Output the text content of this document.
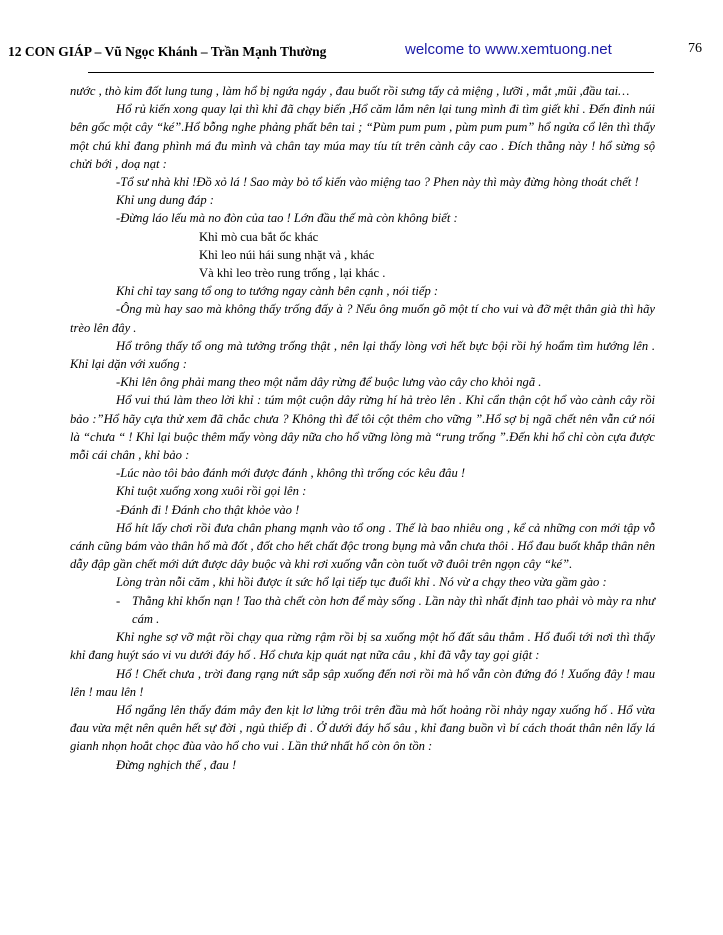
12 CON GIÁP – Vũ Ngọc Khánh – Trần Mạnh Thường	welcome to www.xemtuong.net	76

nước , thò kim đốt lung tung , làm hổ bị ngứa ngáy , đau buốt rồi sưng tấy cả miệng , lưỡi , mắt ,mũi ,đầu tai…

Hổ rủ kiến xong quay lại thì khỉ đã chạy biến ,Hổ căm lắm nên lại tung mình đi tìm giết khỉ . Đến đỉnh núi bên gốc một cây “ké”.Hổ bỗng nghe phảng phất bên tai ; “Pùm pum pum , pùm pum pum” hổ ngửa cổ lên thì thấy một chú khỉ đang phình má đu mình và chân tay múa may tíu tít trên cành cây cao . Đích thằng này ! hổ sừng sộ chửi bới , doạ nạt :

-Tổ sư nhà khỉ !Đồ xỏ lá ! Sao mày bỏ tổ kiến vào miệng tao ? Phen này thì mày đừng hòng thoát chết !

Khỉ ung dung đáp :

-Đừng láo lếu mà no đòn của tao ! Lớn đầu thế mà còn không biết :

Khỉ mò cua bắt ốc khác

Khỉ leo núi hái sung nhặt vả , khác

Và khỉ leo trèo rung trống , lại khác .

Khỉ chỉ tay sang tổ ong to tướng ngay cành bên cạnh , nói tiếp :

-Ông mù hay sao mà không thấy trống đấy à ? Nếu ông muốn gõ một tí cho vui và đỡ mệt thân già thì hãy trèo lên đây .

Hổ trông thấy tổ ong mà tưởng trống thật , nên lại thấy lòng vơi hết bực bội rồi hý hoẩm tìm hướng lên . Khỉ lại dặn với xuống :

-Khi lên ông phải mang theo một nắm dây rừng để buộc lưng vào cây cho khỏi ngã .

Hổ vui thú làm theo lời khỉ : túm một cuộn dây rừng hí hả trèo lên . Khỉ cẩn thận cột hổ vào cành cây rồi bảo :”Hổ hãy cựa thử xem đã chắc chưa ? Không thì để tôi cột thêm cho vững ”.Hổ sợ bị ngã chết nên vẫn cứ nói là “chưa “ ! Khỉ lại buộc thêm mấy vòng dây nữa cho hổ vững lòng mà “rung trống ”.Đến khi hổ chỉ còn cựa được mỗi cái chân , khỉ bảo :

-Lúc nào tôi bảo đánh mới được đánh , không thì trống cóc kêu đâu !

Khỉ tuột xuống xong xuôi rồi gọi lên :

-Đánh đi ! Đánh cho thật khỏe vào !

Hổ hít lấy chơi rồi đưa chân phang mạnh vào tổ ong . Thế là bao nhiêu ong , kể cả những con mới tập vỗ cánh cũng bám vào thân hổ mà đốt , đốt cho hết chất độc trong bụng mà vẫn chưa thôi . Hổ đau buốt khắp thân nên dẫy đập gần chết mới dứt được dây buộc và khi rơi xuống vẫn còn tuốt vỡ đuôi trên ngọn cây “ké”.

Lòng tràn nỗi căm , khi hồi được ít sức hổ lại tiếp tục đuổi khỉ . Nó vừ a chạy theo vừa gầm gào :

- Thằng khỉ khốn nạn ! Tao thà chết còn hơn để mày sống . Lần này thì nhất định tao phải vò mày ra như cám .

Khỉ nghe sợ vỡ mật rồi chạy qua rừng rậm rồi bị sa xuống một hố đất sâu thẳm . Hổ đuổi tới nơi thì thấy khỉ đang huýt sáo vi vu dưới đáy hố . Hổ chưa kịp quát nạt nữa câu , khỉ đã vẫy tay gọi giật :

Hổ ! Chết chưa , trời đang rạng nứt sắp sập xuống đến nơi rồi mà hổ vẫn còn đứng đó ! Xuống đây ! mau lên ! mau lên !

Hổ ngẩng lên thấy đám mây đen kịt lơ lửng trôi trên đầu mà hốt hoảng rồi nhảy ngay xuống hố . Hổ vừa đau vừa mệt nên quên hết sự đời , ngủ thiếp đi . Ở dưới đáy hố sâu , khỉ đang buồn vì bí cách thoát thân nên lấy lá gianh nhọn hoắt chọc đùa vào hổ cho vui . Lần thứ nhất hổ còn ôn tồn :

Đừng nghịch thế , đau !
